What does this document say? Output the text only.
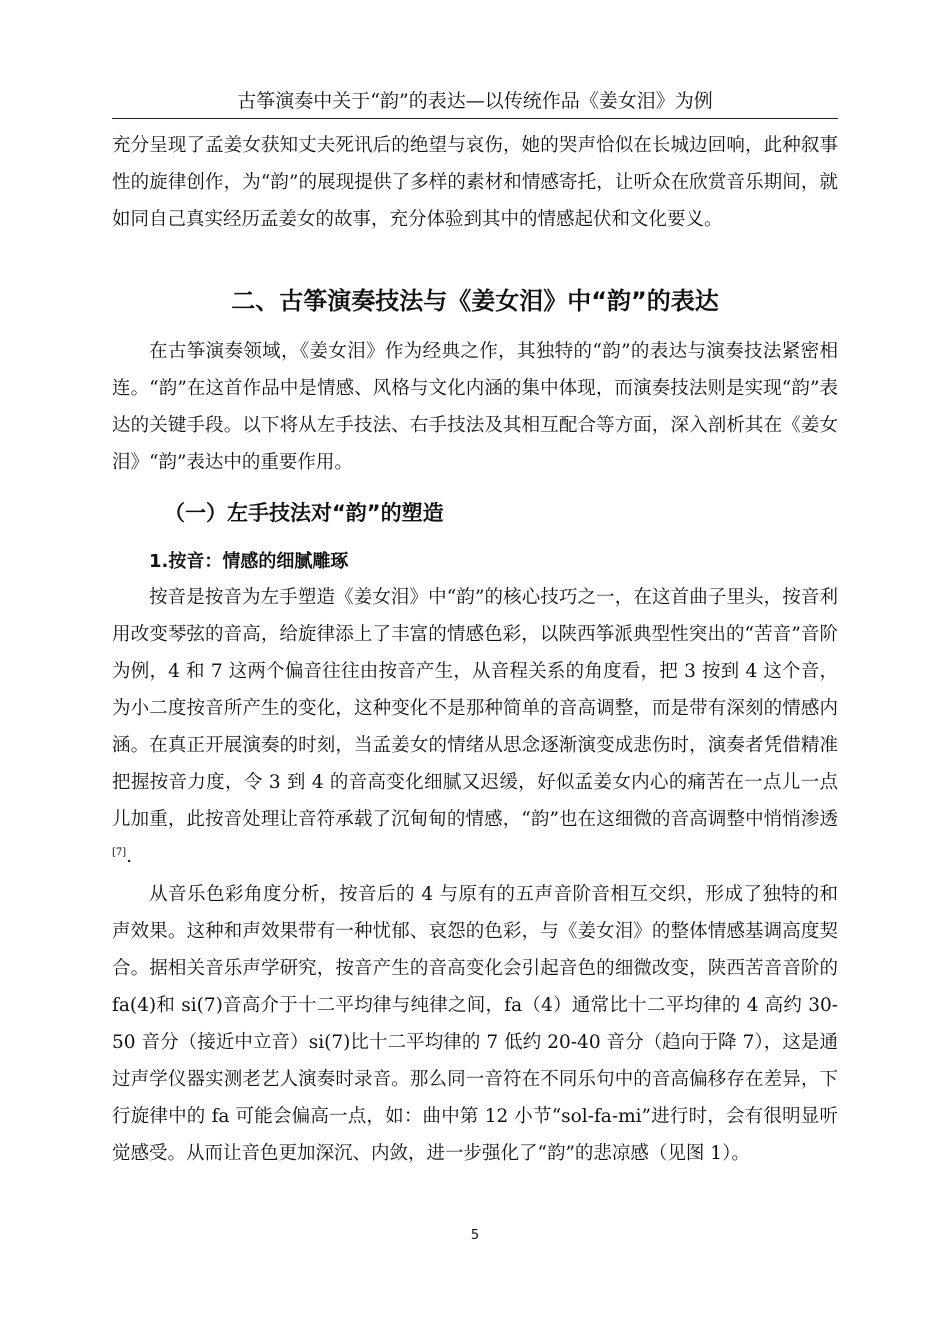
古筝演奏中关于“韵”的表达—以传统作品《姜女泪》为例

充分呈现了孟姜女获知丈夫死讯后的绝望与哀伤，她的哭声恰似在长城边回响，此种叙事性的旋律创作，为“韵”的展现提供了多样的素材和情感寄托，让听众在欣赏音乐期间，就如同自己真实经历孟姜女的故事，充分体验到其中的情感起伏和文化要义。

二、古筝演奏技法与《姜女泪》中“韵”的表达

在古筝演奏领域，《姜女泪》作为经典之作，其独特的“韵”的表达与演奏技法紧密相连。“韵”在这首作品中是情感、风格与文化内涵的集中体现，而演奏技法则是实现“韵”表达的关键手段。以下将从左手技法、右手技法及其相互配合等方面，深入剖析其在《姜女泪》“韵”表达中的重要作用。

（一）左手技法对“韵”的塑造
1.按音：情感的细腻雕琢

按音是按音为左手塑造《姜女泪》中“韵”的核心技巧之一，在这首曲子里头，按音利用改变琴弦的音高，给旋律添上了丰富的情感色彩，以陕西筝派典型性突出的“苦音”音阶为例，4 和 7 这两个偏音往往由按音产生，从音程关系的角度看，把 3 按到 4 这个音，为小二度按音所产生的变化，这种变化不是那种简单的音高调整，而是带有深刻的情感内涵。在真正开展演奏的时刻，当孟姜女的情绪从思念逐渐演变成悲伤时，演奏者凭借精准把握按音力度，令 3 到 4 的音高变化细腻又迟缓，好似孟姜女内心的痛苦在一点儿一点儿加重，此按音处理让音符承载了沉甸甸的情感，“韵”也在这细微的音高调整中悄悄渗透[7].

从音乐色彩角度分析，按音后的 4 与原有的五声音阶音相互交织，形成了独特的和声效果。这种和声效果带有一种忧郁、哀怨的色彩，与《姜女泪》的整体情感基调高度契合。据相关音乐声学研究，按音产生的音高变化会引起音色的细微改变，陕西苦音音阶的 fa(4)和 si(7)音高介于十二平均律与纯律之间，fa（4）通常比十二平均律的 4 高约 30-50 音分（接近中立音）si(7)比十二平均律的 7 低约 20-40 音分（趋向于降 7），这是通过声学仪器实测老艺人演奏时录音。那么同一音符在不同乐句中的音高偏移存在差异，下行旋律中的 fa 可能会偏高一点，如：曲中第 12 小节“sol-fa-mi”进行时，会有很明显听觉感受。从而让音色更加深沉、内敛，进一步强化了“韵”的悲凉感（见图 1）。

5
